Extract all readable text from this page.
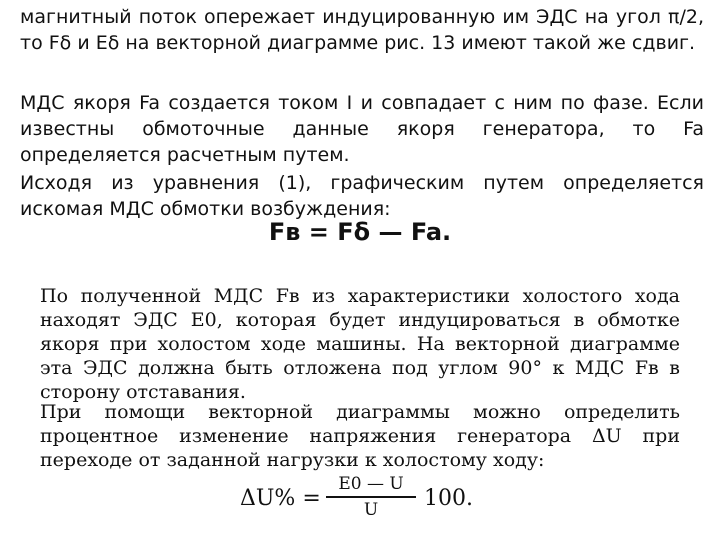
магнитный поток опережает индуцированную им ЭДС на угол π/2, то Fδ и Eδ на векторной диаграмме рис. 13 имеют такой же сдвиг.

МДС якоря Fa создается током I и совпадает с ним по фазе. Если известны обмоточные данные якоря генератора, то Fa определяется расчетным путем.

Исходя из уравнения (1), графическим путем определяется искомая МДС обмотки возбуждения:

Fв = Fδ — Fa.

По полученной МДС Fв из характеристики холостого хода находят ЭДС E0, которая будет индуцироваться в обмотке якоря при холостом ходе машины. На векторной диаграмме эта ЭДС должна быть отложена под углом 90° к МДС Fв в сторону отставания.

При помощи векторной диаграммы можно определить процентное изменение напряжения генератора ΔU при переходе от заданной нагрузки к холостому ходу:

ΔU% =
E0 — U
U	100.
